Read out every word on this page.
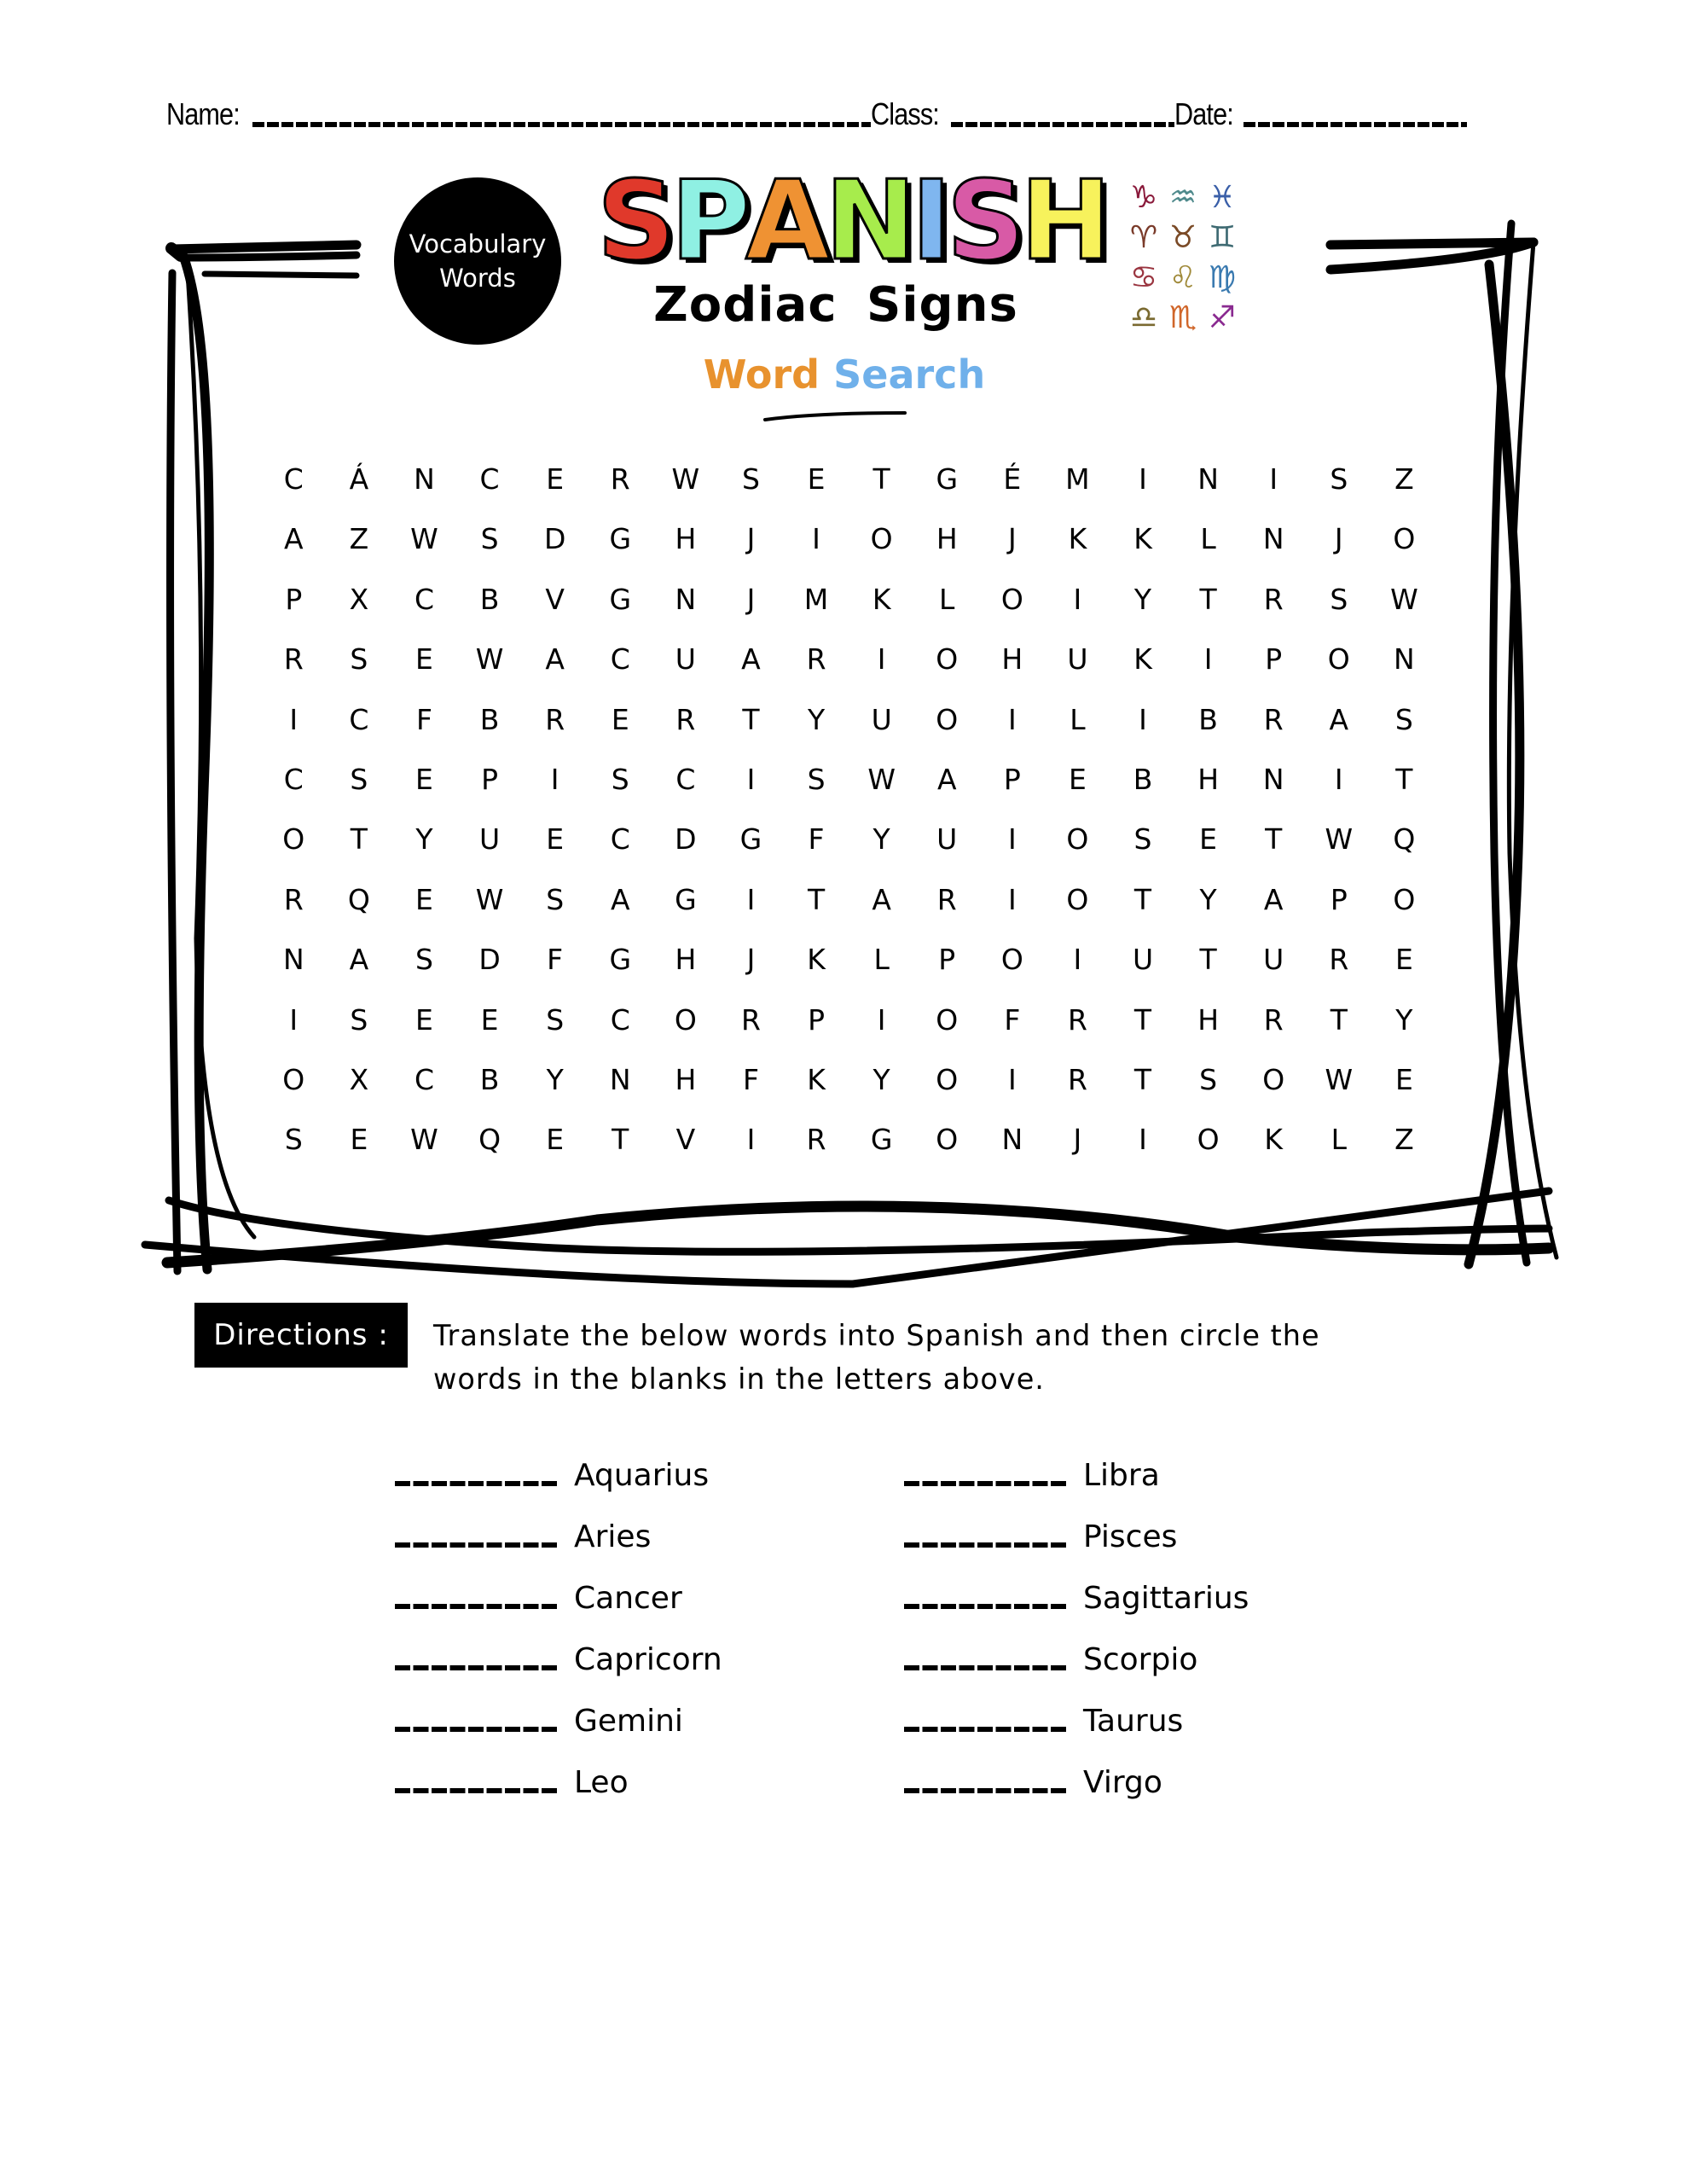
Name:	Class:	Date:
Vocabulary
Words S P A N I S H
Zodiac Signs
Word Search
♑ ♒ ♓
♈ ♉ ♊
♋ ♌ ♍
♎ ♏ ♐
C	Á	N	C	E	R	W	S	E	T	G	É	M	I	N	I	S	Z
A	Z	W	S	D	G	H	J	I	O	H	J	K	K	L	N	J	O
P	X	C	B	V	G	N	J	M	K	L	O	I	Y	T	R	S	W
R	S	E	W	A	C	U	A	R	I	O	H	U	K	I	P	O	N
I	C	F	B	R	E	R	T	Y	U	O	I	L	I	B	R	A	S
C	S	E	P	I	S	C	I	S	W	A	P	E	B	H	N	I	T
O	T	Y	U	E	C	D	G	F	Y	U	I	O	S	E	T	W	Q
R	Q	E	W	S	A	G	I	T	A	R	I	O	T	Y	A	P	O
N	A	S	D	F	G	H	J	K	L	P	O	I	U	T	U	R	E
I	S	E	E	S	C	O	R	P	I	O	F	R	T	H	R	T	Y
O	X	C	B	Y	N	H	F	K	Y	O	I	R	T	S	O	W	E
S	E	W	Q	E	T	V	I	R	G	O	N	J	I	O	K	L	Z
Directions :	Translate the below words into Spanish and then circle the
words in the blanks in the letters above.
Aquarius
Aries
Cancer
Capricorn
Gemini
Leo
Libra
Pisces
Sagittarius
Scorpio
Taurus
Virgo
